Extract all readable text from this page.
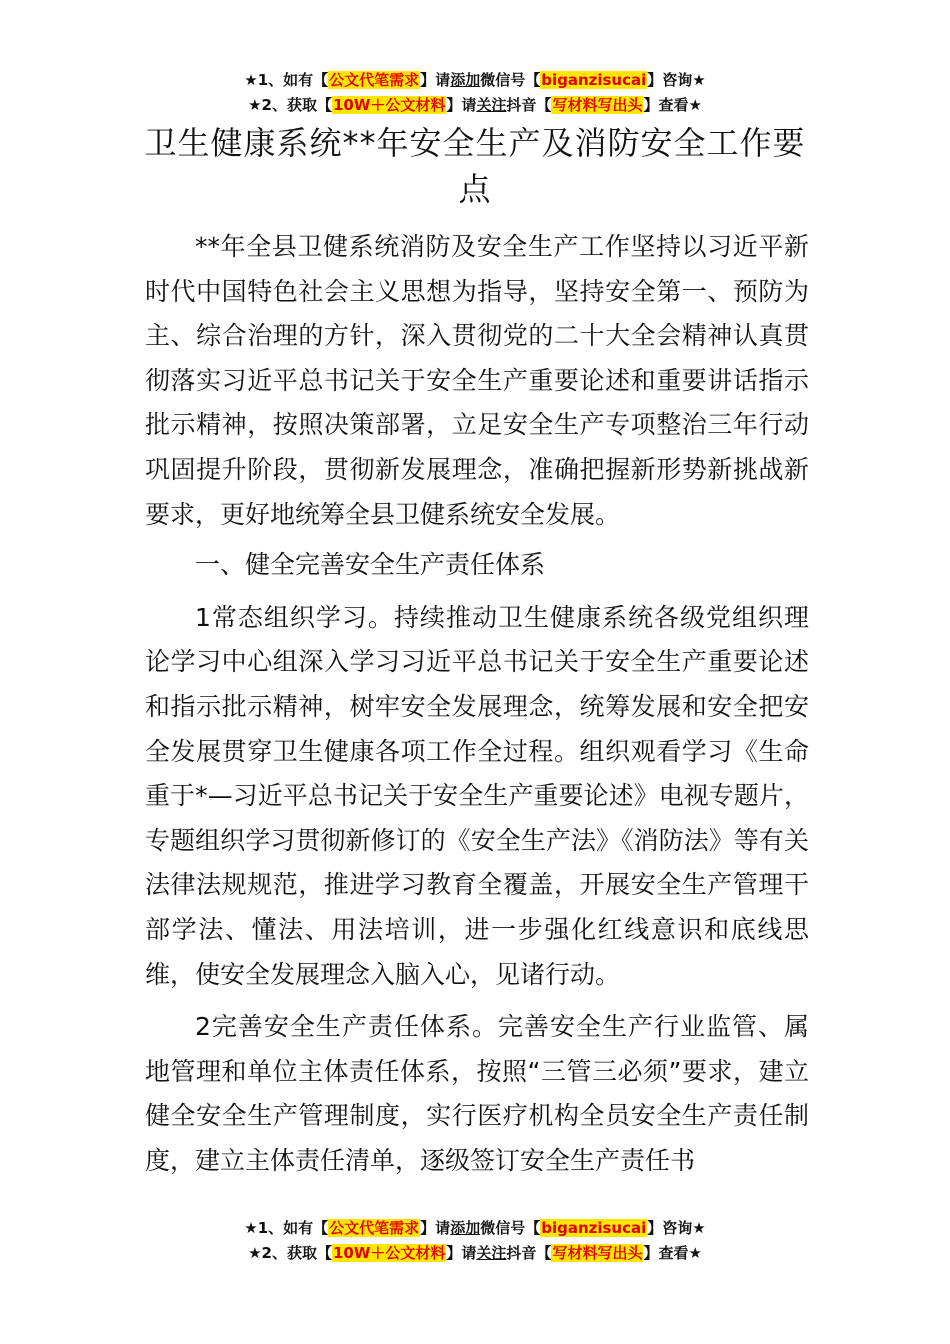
★1、如有【公文代笔需求】请添加微信号【biganzisucai】咨询★
★2、获取【10W＋公文材料】请关注抖音【写材料写出头】查看★
卫生健康系统**年安全生产及消防安全工作要点

**年全县卫健系统消防及安全生产工作坚持以习近平新时代中国特色社会主义思想为指导，坚持安全第一、预防为主、综合治理的方针，深入贯彻党的二十大全会精神认真贯彻落实习近平总书记关于安全生产重要论述和重要讲话指示批示精神，按照决策部署，立足安全生产专项整治三年行动巩固提升阶段，贯彻新发展理念，准确把握新形势新挑战新要求，更好地统筹全县卫健系统安全发展。

一、健全完善安全生产责任体系

1常态组织学习。持续推动卫生健康系统各级党组织理论学习中心组深入学习习近平总书记关于安全生产重要论述和指示批示精神，树牢安全发展理念，统筹发展和安全把安全发展贯穿卫生健康各项工作全过程。组织观看学习《生命重于*—习近平总书记关于安全生产重要论述》电视专题片，专题组织学习贯彻新修订的《安全生产法》《消防法》等有关法律法规规范，推进学习教育全覆盖，开展安全生产管理干部学法、懂法、用法培训，进一步强化红线意识和底线思维，使安全发展理念入脑入心，见诸行动。

2完善安全生产责任体系。完善安全生产行业监管、属地管理和单位主体责任体系，按照“三管三必须”要求，建立健全安全生产管理制度，实行医疗机构全员安全生产责任制度，建立主体责任清单，逐级签订安全生产责任书

★1、如有【公文代笔需求】请添加微信号【biganzisucai】咨询★
★2、获取【10W＋公文材料】请关注抖音【写材料写出头】查看★
